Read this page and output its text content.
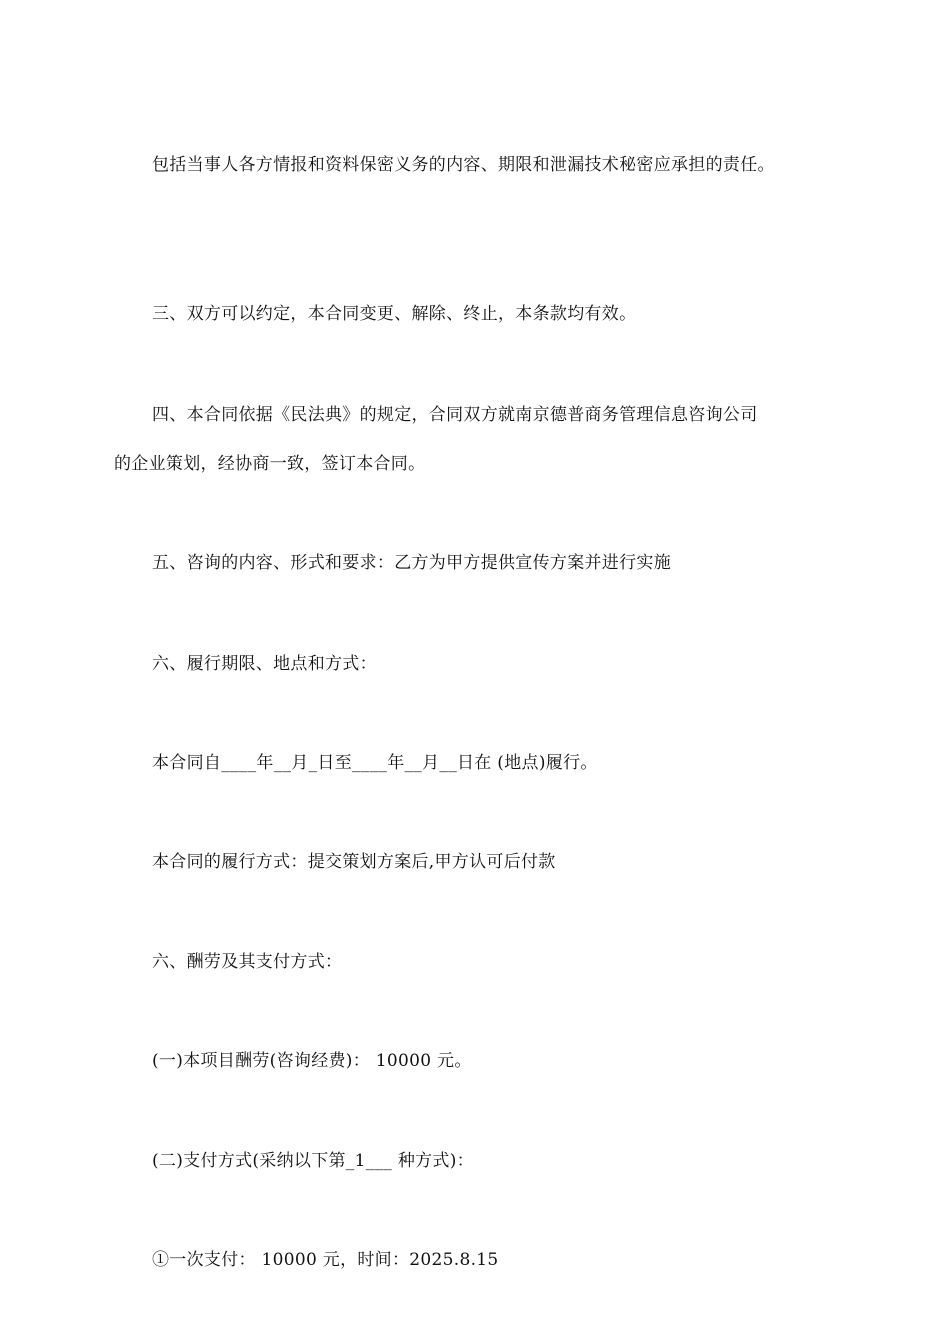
包括当事人各方情报和资料保密义务的内容、期限和泄漏技术秘密应承担的责任。
三、双方可以约定，本合同变更、解除、终止，本条款均有效。
四、本合同依据《民法典》的规定，合同双方就南京德普商务管理信息咨询公司
的企业策划，经协商一致，签订本合同。
五、咨询的内容、形式和要求：乙方为甲方提供宣传方案并进行实施
六、履行期限、地点和方式：
本合同自____年__月_日至____年__月__日在 (地点)履行。
本合同的履行方式：提交策划方案后,甲方认可后付款
六、酬劳及其支付方式：
(一)本项目酬劳(咨询经费)： 10000 元。
(二)支付方式(采纳以下第_1___ 种方式)：
①一次支付： 10000 元，时间：2025.8.15
